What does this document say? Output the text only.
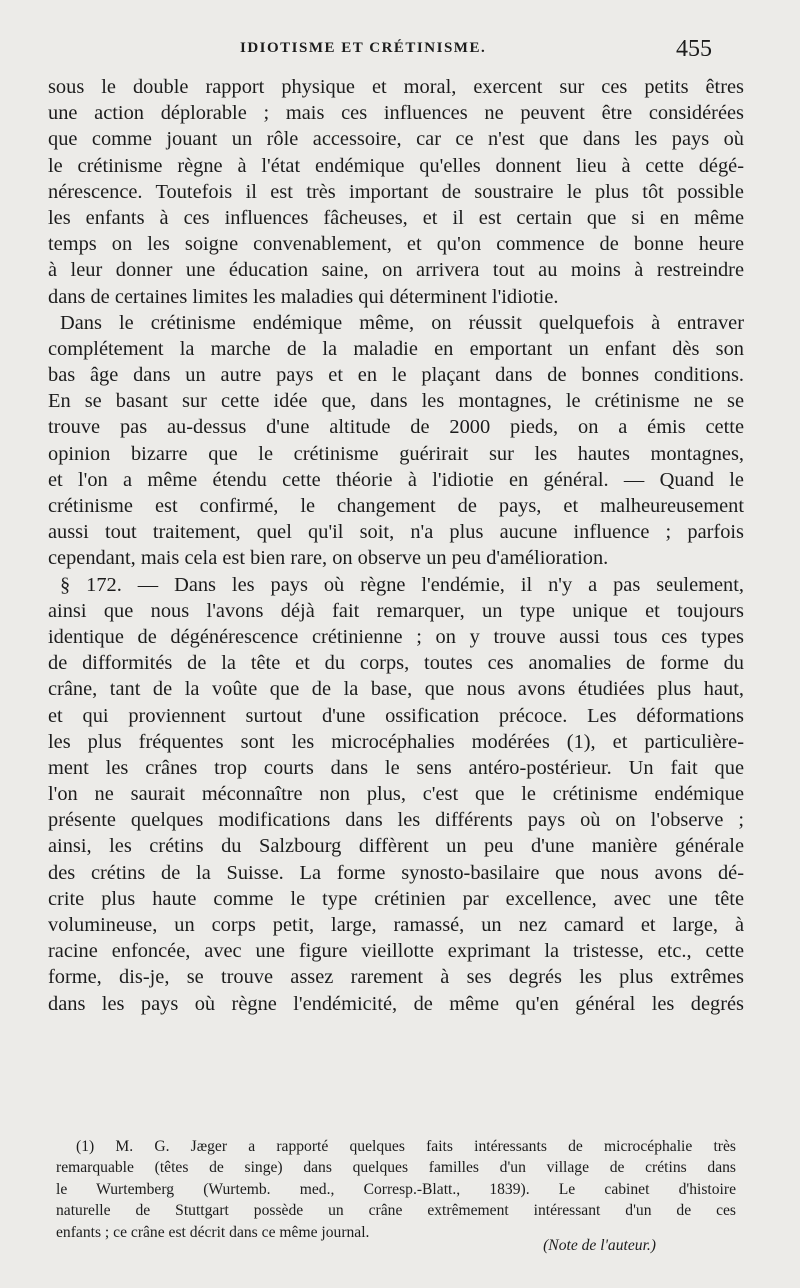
IDIOTISME ET CRÉTINISME.	455
sous le double rapport physique et moral, exercent sur ces petits êtres
une action déplorable ; mais ces influences ne peuvent être considérées
que comme jouant un rôle accessoire, car ce n'est que dans les pays où
le crétinisme règne à l'état endémique qu'elles donnent lieu à cette dégé-
nérescence. Toutefois il est très important de soustraire le plus tôt possible
les enfants à ces influences fâcheuses, et il est certain que si en même
temps on les soigne convenablement, et qu'on commence de bonne heure
à leur donner une éducation saine, on arrivera tout au moins à restreindre
dans de certaines limites les maladies qui déterminent l'idiotie.
Dans le crétinisme endémique même, on réussit quelquefois à entraver
complétement la marche de la maladie en emportant un enfant dès son
bas âge dans un autre pays et en le plaçant dans de bonnes conditions.
En se basant sur cette idée que, dans les montagnes, le crétinisme ne se
trouve pas au-dessus d'une altitude de 2000 pieds, on a émis cette
opinion bizarre que le crétinisme guérirait sur les hautes montagnes,
et l'on a même étendu cette théorie à l'idiotie en général. — Quand le
crétinisme est confirmé, le changement de pays, et malheureusement
aussi tout traitement, quel qu'il soit, n'a plus aucune influence ; parfois
cependant, mais cela est bien rare, on observe un peu d'amélioration.
§ 172. — Dans les pays où règne l'endémie, il n'y a pas seulement,
ainsi que nous l'avons déjà fait remarquer, un type unique et toujours
identique de dégénérescence crétinienne ; on y trouve aussi tous ces types
de difformités de la tête et du corps, toutes ces anomalies de forme du
crâne, tant de la voûte que de la base, que nous avons étudiées plus haut,
et qui proviennent surtout d'une ossification précoce. Les déformations
les plus fréquentes sont les microcéphalies modérées (1), et particulière-
ment les crânes trop courts dans le sens antéro-postérieur. Un fait que
l'on ne saurait méconnaître non plus, c'est que le crétinisme endémique
présente quelques modifications dans les différents pays où on l'observe ;
ainsi, les crétins du Salzbourg diffèrent un peu d'une manière générale
des crétins de la Suisse. La forme synosto-basilaire que nous avons dé-
crite plus haute comme le type crétinien par excellence, avec une tête
volumineuse, un corps petit, large, ramassé, un nez camard et large, à
racine enfoncée, avec une figure vieillotte exprimant la tristesse, etc., cette
forme, dis-je, se trouve assez rarement à ses degrés les plus extrêmes
dans les pays où règne l'endémicité, de même qu'en général les degrés
(1) M. G. Jæger a rapporté quelques faits intéressants de microcéphalie très
remarquable (têtes de singe) dans quelques familles d'un village de crétins dans
le Wurtemberg (Wurtemb. med., Corresp.-Blatt., 1839). Le cabinet d'histoire
naturelle de Stuttgart possède un crâne extrêmement intéressant d'un de ces
enfants ; ce crâne est décrit dans ce même journal.
(Note de l'auteur.)
